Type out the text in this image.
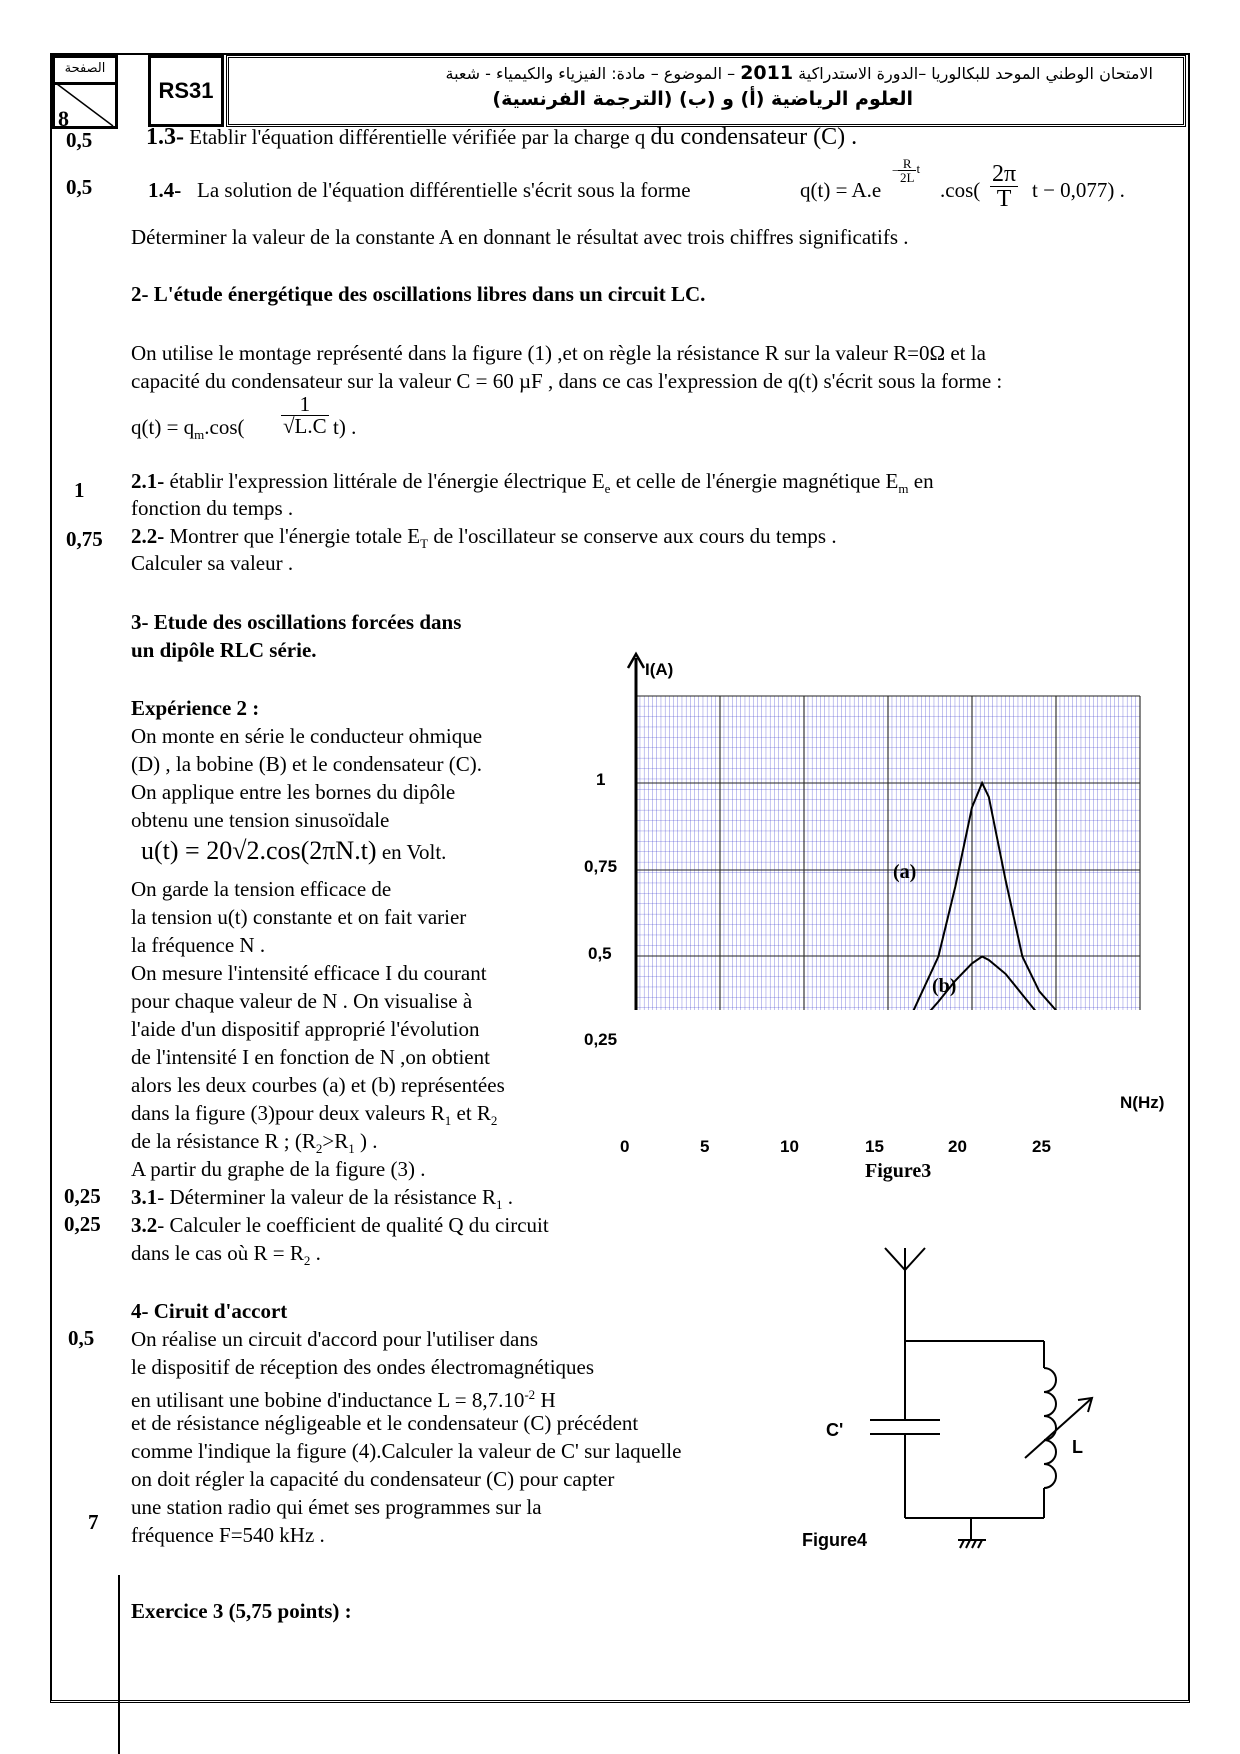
الصفحة
8
RS31
الامتحان الوطني الموحد للبكالوريا –الدورة الاستدراكية 2011 – الموضوع – مادة: الفيزياء والكيمياء - شعبة
العلوم الرياضية (أ) و (ب) (الترجمة الفرنسية)
0,5 1.3- Etablir l'équation différentielle vérifiée par la charge q du condensateur (C) .
0,5	1.4- La solution de l'équation différentielle s'écrit sous la forme	q(t) = A.e
$\frac{R}{2L}$ t
−
$.\cos( \frac{2\pi}{T}$ t − 0,077) .
Déterminer la valeur de la constante A en donnant le résultat avec trois chiffres significatifs .
2- L'étude énergétique des oscillations libres dans un circuit LC.
On utilise le montage représenté dans la figure (1) ,et on règle la résistance R sur la valeur R=0Ω et la
capacité du condensateur sur la valeur C = 60 µF , dans ce cas l'expression de q(t) s'écrit sous la forme :
$q(t) = q_m.\cos( \frac{1}{√L.C} t)$ .
1 2.1- établir l'expression littérale de l'énergie électrique $E_e$ et celle de l'énergie magnétique $E_m$ en
fonction du temps .
0,75 2.2- Montrer que l'énergie totale $E_T$ de l'oscillateur se conserve aux cours du temps .
Calculer sa valeur .
3- Etude des oscillations forcées dans
un dipôle RLC série.
Expérience 2 :
On monte en série le conducteur ohmique
(D) , la bobine (B) et le condensateur (C).
On applique entre les bornes du dipôle
obtenu une tension sinusoïdale
u(t) = 20√2.cos(2πN.t) en Volt.
On garde la tension efficace de
la tension u(t) constante et on fait varier
la fréquence N .
On mesure l'intensité efficace I du courant
pour chaque valeur de N . On visualise à
l'aide d'un dispositif approprié l'évolution
de l'intensité I en fonction de N ,on obtient
alors les deux courbes (a) et (b) représentées
dans la figure (3)pour deux valeurs $R_1$ et $R_2$
de la résistance R ; ($R_2>R_1$ ) .
A partir du graphe de la figure (3) .
0,25 3.1- Déterminer la valeur de la résistance $R_1$ .
0,25 3.2- Calculer le coefficient de qualité Q du circuit
dans le cas où $R = R_2$ .
4- Ciruit d'accort
0,5 On réalise un circuit d'accord pour l'utiliser dans
le dispositif de réception des ondes électromagnétiques
en utilisant une bobine d'inductance $L = 8,7.10^{-2}$ H
et de résistance négligeable et le condensateur (C) précédent
comme l'indique la figure (4).Calculer la valeur de C' sur laquelle
on doit régler la capacité du condensateur (C) pour capter
une station radio qui émet ses programmes sur la
7
fréquence F=540 kHz .
Exercice 3 (5,75 points) :
I(A)
N(Hz)
1
0,75
0,5
0,25
0	5	10	15	20	25
(a)
(b)
Figure3
C'
L
Figure4
